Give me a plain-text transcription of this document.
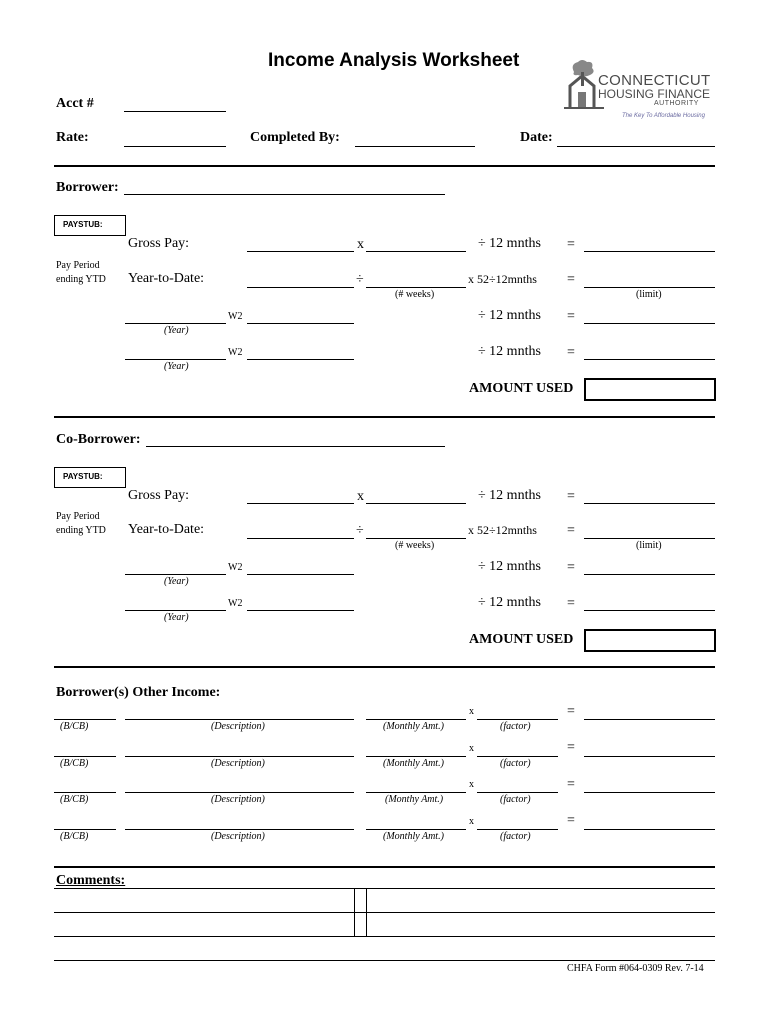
Income Analysis Worksheet
CONNECTICUT
HOUSING FINANCE
AUTHORITY
The Key To Affordable Housing
Acct #
Rate:	Completed By:	Date:
Borrower:
PAYSTUB:
Gross Pay:	x	÷ 12 mnths =
Pay Period
ending YTD Year-to-Date:	÷	x 52÷12mnths =
(# weeks)	(limit)
W2	÷ 12 mnths =
(Year)
W2	÷ 12 mnths =
(Year)
AMOUNT USED
Co-Borrower:
PAYSTUB:
Gross Pay:	x	÷ 12 mnths =
Pay Period
ending YTD Year-to-Date:	÷	x 52÷12mnths =
(# weeks)	(limit)
W2	÷ 12 mnths =
(Year)
W2	÷ 12 mnths =
(Year)
AMOUNT USED
Borrower(s) Other Income:
x	=
(B/CB)	(Description)	(Monthly Amt.)	(factor)
x	=
(B/CB)	(Description)	(Monthly Amt.)	(factor)
x	=
(B/CB)	(Description)	(Monthy Amt.)	(factor)
x	=
(B/CB)	(Description)	(Monthly Amt.)	(factor)
Comments:
CHFA Form #064-0309 Rev. 7-14
